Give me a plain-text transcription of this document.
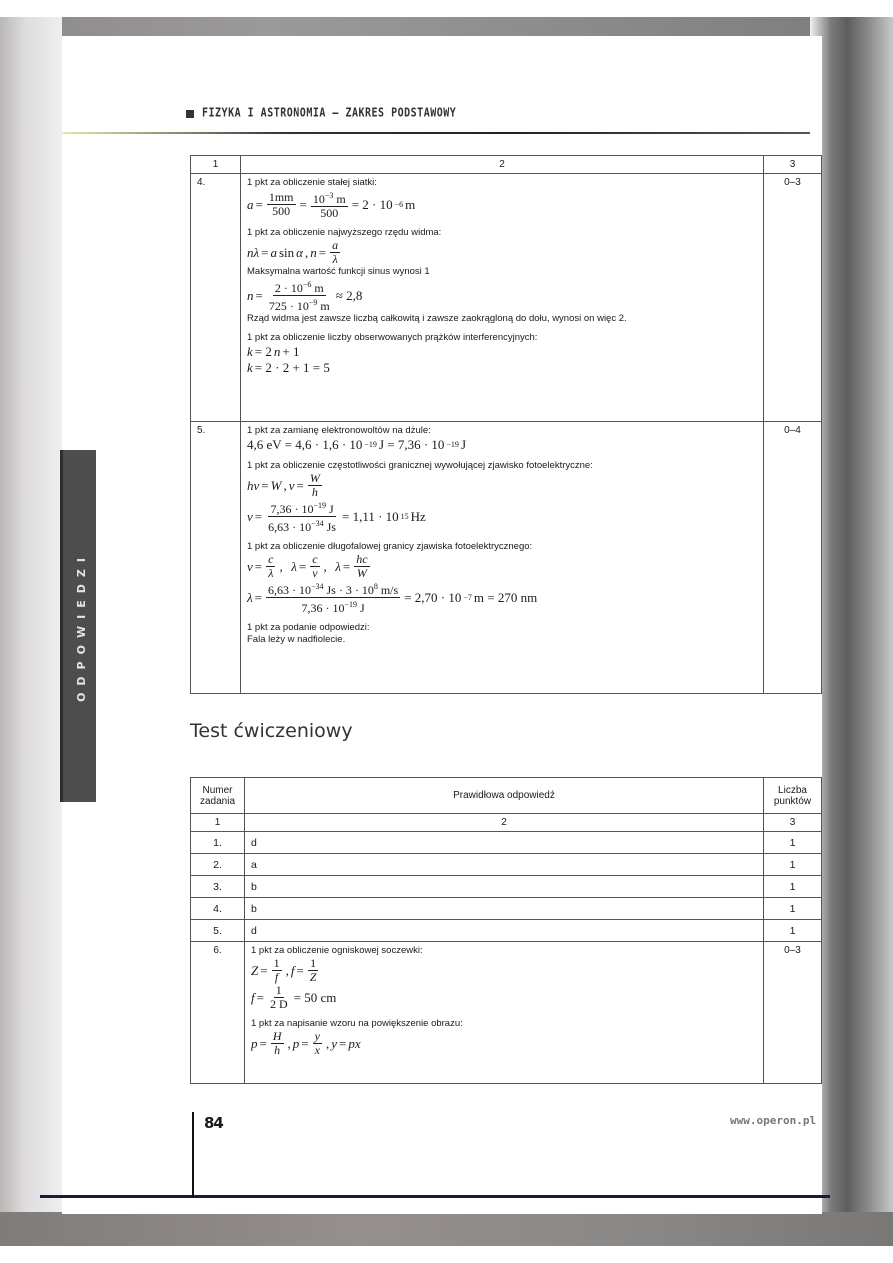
ODPOWIEDZI
FIZYKA I ASTRONOMIA – ZAKRES PODSTAWOWY
1	2	3
4.	1 pkt za obliczenie stałej siatki:
$a = \frac{1mm}{500} = \frac{10^{-3} m}{500} = 2 \cdot 10 -6$ m
1 pkt za obliczenie najwyższego rzędu widma:
nλ = a sin α , $n = \frac{a}{\lambda}$
Maksymalna wartość funkcji sinus wynosi 1
$n = \frac{2 \cdot 10^{-6} m}{725 \cdot 10^{-9} m} \approx 2,8$
Rząd widma jest zawsze liczbą całkowitą i zawsze zaokrągloną do dołu, wynosi on więc 2.
1 pkt za obliczenie liczby obserwowanych prążków interferencyjnych:
k = 2 n + 1
k = 2 · 2 + 1 = 5
	0–3
5.	1 pkt za zamianę elektronowoltów na dżule:
4,6 eV = 4,6 · 1,6 · 10 −19 J = 7,36 · 10 −19 J
1 pkt za obliczenie częstotliwości granicznej wywołującej zjawisko fotoelektryczne:
hν = W , $\nu = \frac{W}{h}$
$\nu = \frac{7,36 \cdot 10^{-19} J}{6,63 \cdot 10^{-34} Js} = 1,11 \cdot 10$ 15 Hz
1 pkt za obliczenie długofalowej granicy zjawiska fotoelektrycznego:
$\nu = \frac{c}{\lambda}$ , $\lambda = \frac{c}{\nu}$ , $\lambda = \frac{hc}{W}$
$\lambda = \frac{6,63 \cdot 10^{-34} Js \cdot 3 \cdot 10^8 m/s}{7,36 \cdot 10^{-19} J} = 2,70 \cdot 10 -7$ m = 270 nm
1 pkt za podanie odpowiedzi:
Fala leży w nadfiolecie.
	0–4
Test ćwiczeniowy
Numer zadania	Prawidłowa odpowiedź	Liczba punktów
1	2	3
1.	d	1
2.	a	1
3.	b	1
4.	b	1
5.	d	1
6.	1 pkt za obliczenie ogniskowej soczewki:
$Z = \frac{1}{f}$ , $f = \frac{1}{Z}$
$f = \frac{1}{2 D} = 50$ cm
1 pkt za napisanie wzoru na powiększenie obrazu:
$p = \frac{H}{h}$ , $p = \frac{y}{x}$ , y = px
	0–3
84	www.operon.pl
